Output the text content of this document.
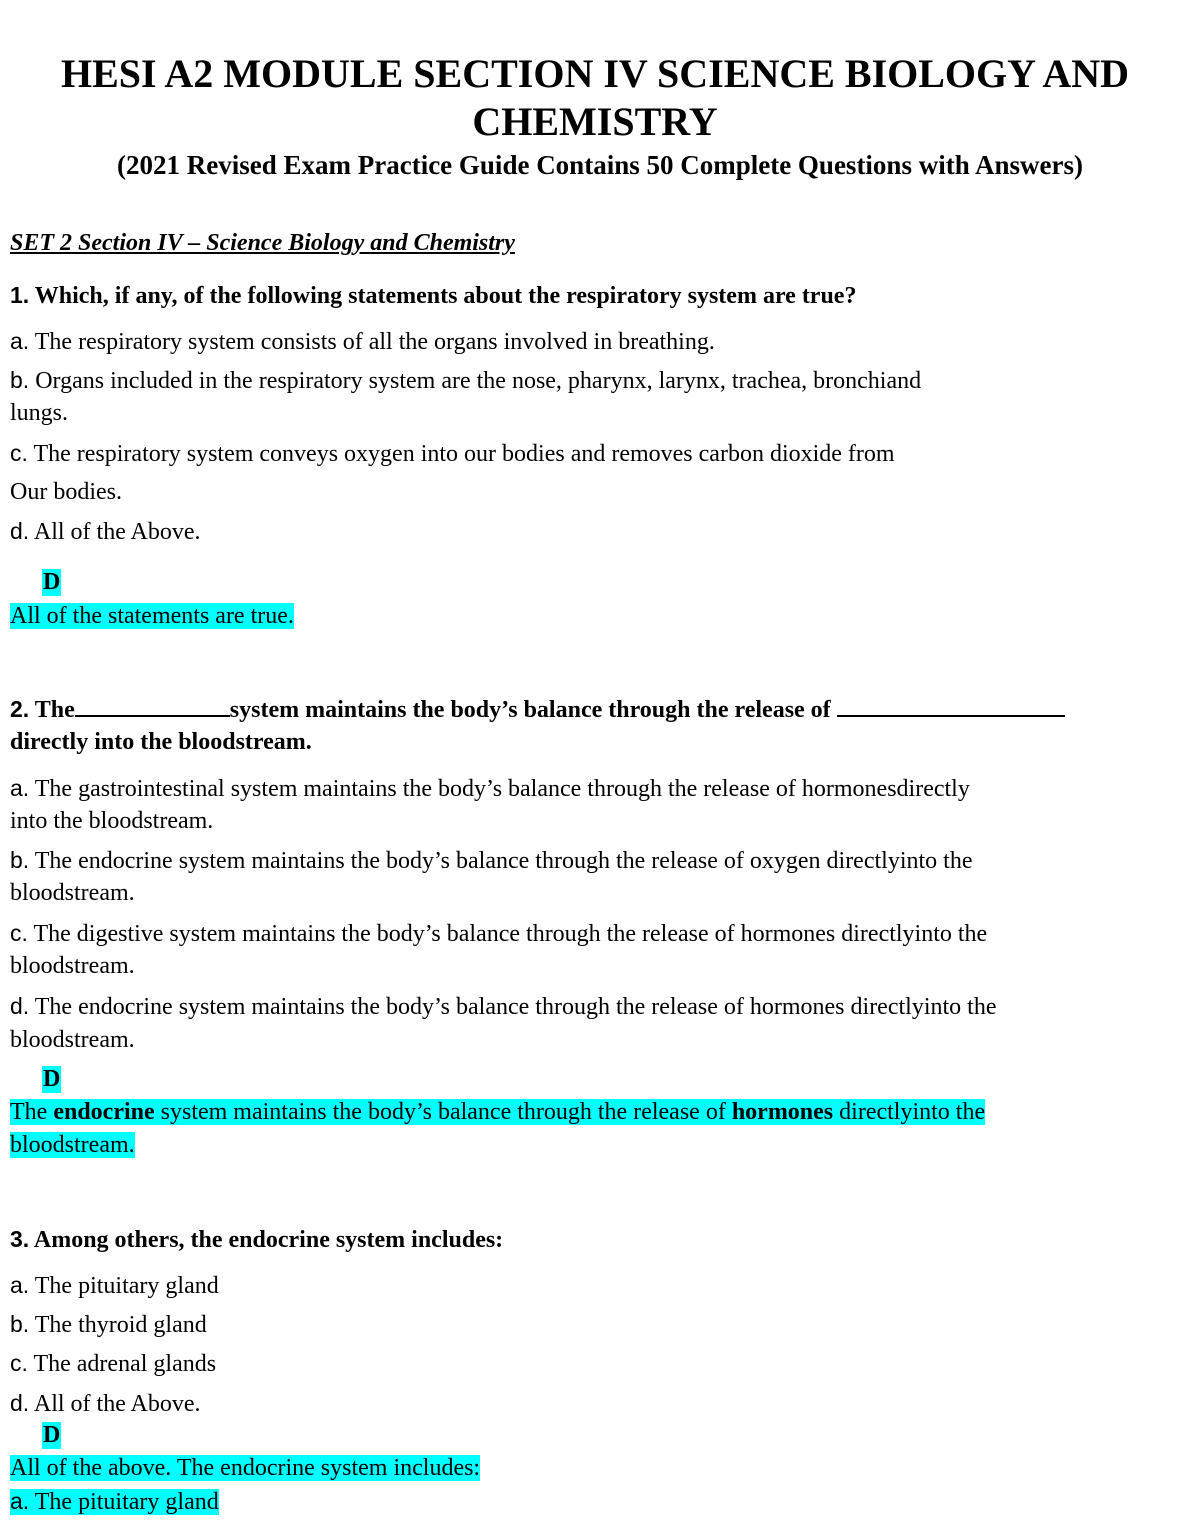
HESI A2 MODULE SECTION IV SCIENCE BIOLOGY AND
CHEMISTRY
(2021 Revised Exam Practice Guide Contains 50 Complete Questions with Answers)
SET 2 Section IV – Science Biology and Chemistry
1. Which, if any, of the following statements about the respiratory system are true?
a. The respiratory system consists of all the organs involved in breathing.
b. Organs included in the respiratory system are the nose, pharynx, larynx, trachea, bronchiand
lungs.
c. The respiratory system conveys oxygen into our bodies and removes carbon dioxide from
Our bodies.
d. All of the Above.
D
All of the statements are true.
2. The	system maintains the body’s balance through the release of
directly into the bloodstream.
a. The gastrointestinal system maintains the body’s balance through the release of hormonesdirectly
into the bloodstream.
b. The endocrine system maintains the body’s balance through the release of oxygen directlyinto the
bloodstream.
c. The digestive system maintains the body’s balance through the release of hormones directlyinto the
bloodstream.
d. The endocrine system maintains the body’s balance through the release of hormones directlyinto the
bloodstream.
D
The endocrine system maintains the body’s balance through the release of hormones directlyinto the
bloodstream.
3. Among others, the endocrine system includes:
a. The pituitary gland
b. The thyroid gland
c. The adrenal glands
d. All of the Above.
D
All of the above. The endocrine system includes:
a. The pituitary gland
